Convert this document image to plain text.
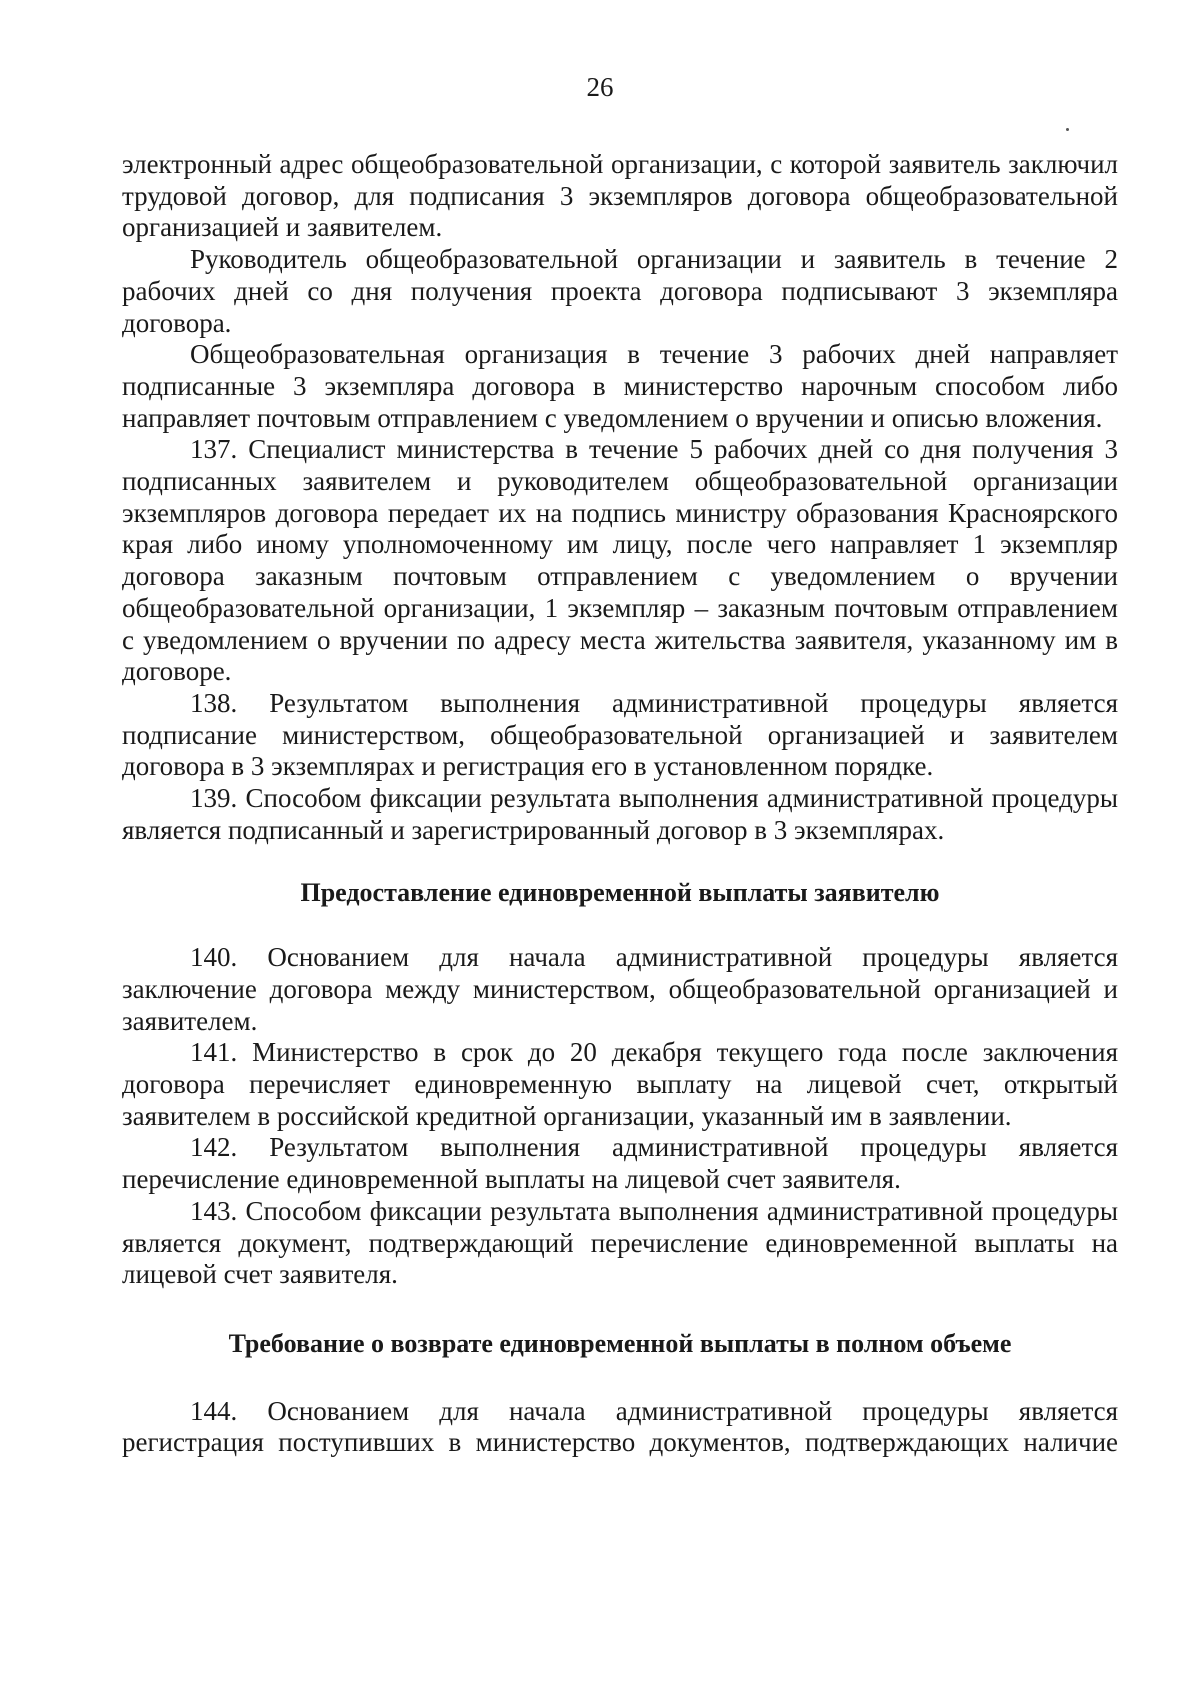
26

электронный адрес общеобразовательной организации, с которой заявитель заключил трудовой договор, для подписания 3 экземпляров договора общеобразовательной организацией и заявителем.

Руководитель общеобразовательной организации и заявитель в течение 2 рабочих дней со дня получения проекта договора подписывают 3 экземпляра договора.

Общеобразовательная организация в течение 3 рабочих дней направляет подписанные 3 экземпляра договора в министерство нарочным способом либо направляет почтовым отправлением с уведомлением о вручении и описью вложения.

137. Специалист министерства в течение 5 рабочих дней со дня получения 3 подписанных заявителем и руководителем общеобразовательной организации экземпляров договора передает их на подпись министру образования Красноярского края либо иному уполномоченному им лицу, после чего направляет 1 экземпляр договора заказным почтовым отправлением с уведомлением о вручении общеобразовательной организации, 1 экземпляр – заказным почтовым отправлением с уведомлением о вручении по адресу места жительства заявителя, указанному им в договоре.

138. Результатом выполнения административной процедуры является подписание министерством, общеобразовательной организацией и заявителем договора в 3 экземплярах и регистрация его в установленном порядке.

139. Способом фиксации результата выполнения административной процедуры является подписанный и зарегистрированный договор в 3 экземплярах.

Предоставление единовременной выплаты заявителю

140. Основанием для начала административной процедуры является заключение договора между министерством, общеобразовательной организацией и заявителем.

141. Министерство в срок до 20 декабря текущего года после заключения договора перечисляет единовременную выплату на лицевой счет, открытый заявителем в российской кредитной организации, указанный им в заявлении.

142. Результатом выполнения административной процедуры является перечисление единовременной выплаты на лицевой счет заявителя.

143. Способом фиксации результата выполнения административной процедуры является документ, подтверждающий перечисление единовременной выплаты на лицевой счет заявителя.

Требование о возврате единовременной выплаты в полном объеме

144. Основанием для начала административной процедуры является регистрация поступивших в министерство документов, подтверждающих наличие
